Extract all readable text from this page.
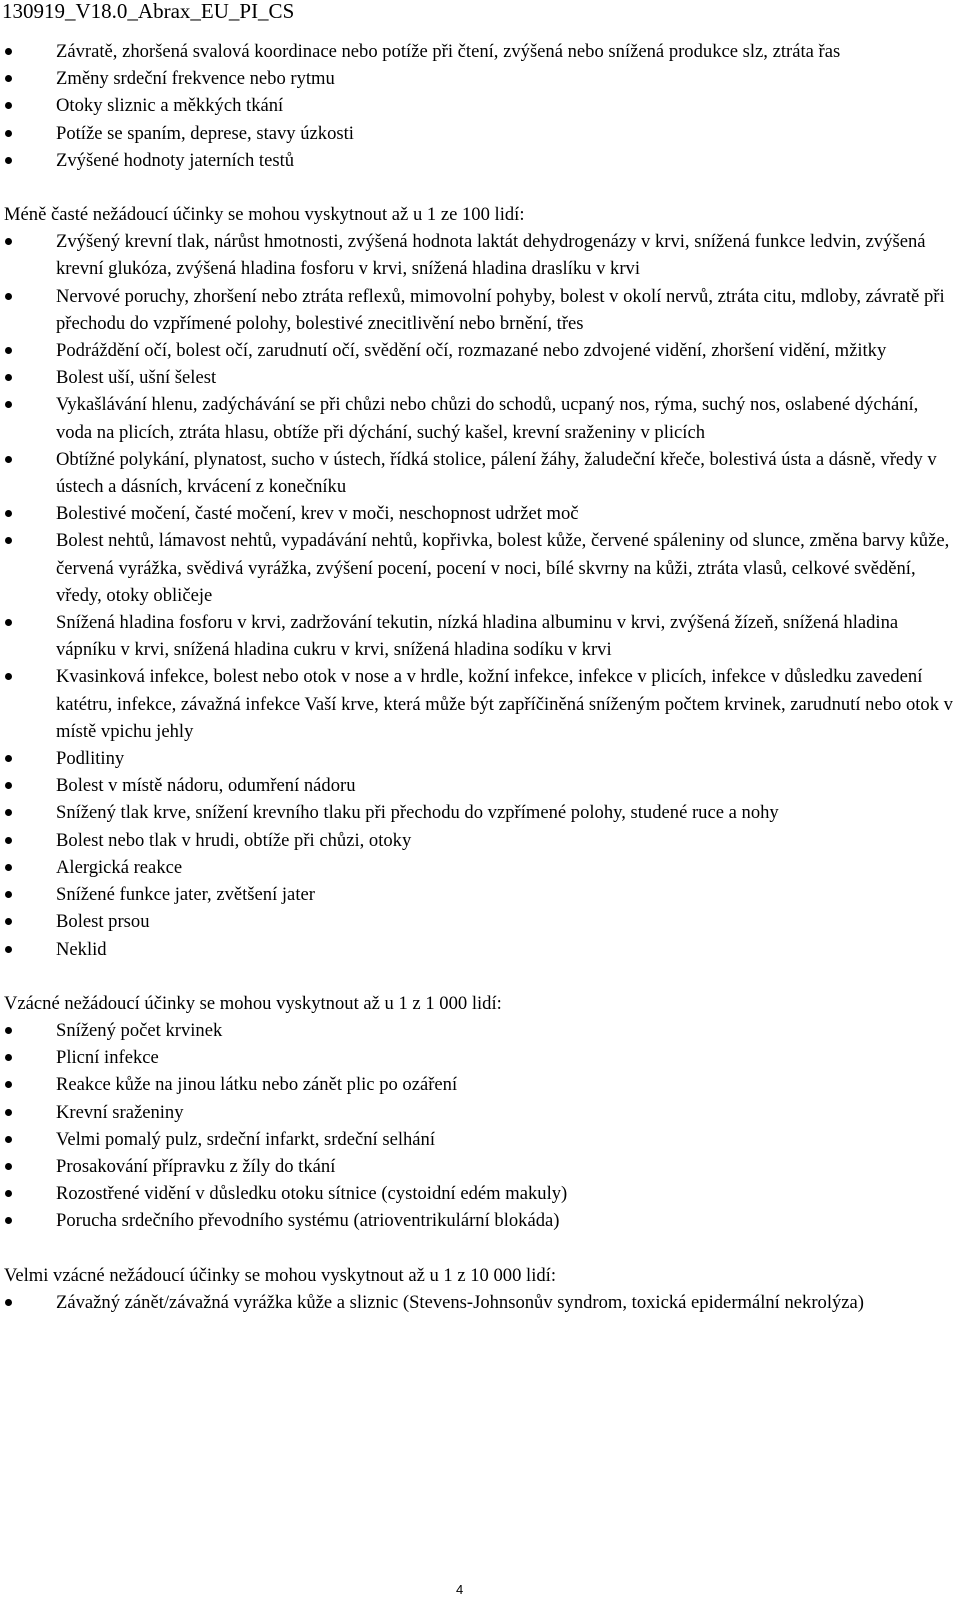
130919_V18.0_Abrax_EU_PI_CS
Závratě, zhoršená svalová koordinace nebo potíže při čtení, zvýšená nebo snížená produkce slz, ztráta řas
Změny srdeční frekvence nebo rytmu
Otoky sliznic a měkkých tkání
Potíže se spaním, deprese, stavy úzkosti
Zvýšené hodnoty jaterních testů

Méně časté nežádoucí účinky se mohou vyskytnout až u 1 ze 100 lidí:

Zvýšený krevní tlak, nárůst hmotnosti, zvýšená hodnota laktát dehydrogenázy v krvi, snížená funkce ledvin, zvýšená krevní glukóza, zvýšená hladina fosforu v krvi, snížená hladina draslíku v krvi
Nervové poruchy, zhoršení nebo ztráta reflexů, mimovolní pohyby, bolest v okolí nervů, ztráta citu, mdloby, závratě při přechodu do vzpřímené polohy, bolestivé znecitlivění nebo brnění, třes
Podráždění očí, bolest očí, zarudnutí očí, svědění očí, rozmazané nebo zdvojené vidění, zhoršení vidění, mžitky
Bolest uší, ušní šelest
Vykašlávání hlenu, zadýchávání se při chůzi nebo chůzi do schodů, ucpaný nos, rýma, suchý nos, oslabené dýchání, voda na plicích, ztráta hlasu, obtíže při dýchání, suchý kašel, krevní sraženiny v plicích
Obtížné polykání, plynatost, sucho v ústech, řídká stolice, pálení žáhy, žaludeční křeče, bolestivá ústa a dásně, vředy v ústech a dásních, krvácení z konečníku
Bolestivé močení, časté močení, krev v moči, neschopnost udržet moč
Bolest nehtů, lámavost nehtů, vypadávání nehtů, kopřivka, bolest kůže, červené spáleniny od slunce, změna barvy kůže, červená vyrážka, svědivá vyrážka, zvýšení pocení, pocení v noci, bílé skvrny na kůži, ztráta vlasů, celkové svědění, vředy, otoky obličeje
Snížená hladina fosforu v krvi, zadržování tekutin, nízká hladina albuminu v krvi, zvýšená žízeň, snížená hladina vápníku v krvi, snížená hladina cukru v krvi, snížená hladina sodíku v krvi
Kvasinková infekce, bolest nebo otok v nose a v hrdle, kožní infekce, infekce v plicích, infekce v důsledku zavedení katétru, infekce, závažná infekce Vaší krve, která může být zapříčiněná sníženým počtem krvinek, zarudnutí nebo otok v místě vpichu jehly
Podlitiny
Bolest v místě nádoru, odumření nádoru
Snížený tlak krve, snížení krevního tlaku při přechodu do vzpřímené polohy, studené ruce a nohy
Bolest nebo tlak v hrudi, obtíže při chůzi, otoky
Alergická reakce
Snížené funkce jater, zvětšení jater
Bolest prsou
Neklid

Vzácné nežádoucí účinky se mohou vyskytnout až u 1 z 1 000 lidí:

Snížený počet krvinek
Plicní infekce
Reakce kůže na jinou látku nebo zánět plic po ozáření
Krevní sraženiny
Velmi pomalý pulz, srdeční infarkt, srdeční selhání
Prosakování přípravku z žíly do tkání
Rozostřené vidění v důsledku otoku sítnice (cystoidní edém makuly)
Porucha srdečního převodního systému (atrioventrikulární blokáda)

Velmi vzácné nežádoucí účinky se mohou vyskytnout až u 1 z 10 000 lidí:

Závažný zánět/závažná vyrážka kůže a sliznic (Stevens-Johnsonův syndrom, toxická epidermální nekrolýza)
4
